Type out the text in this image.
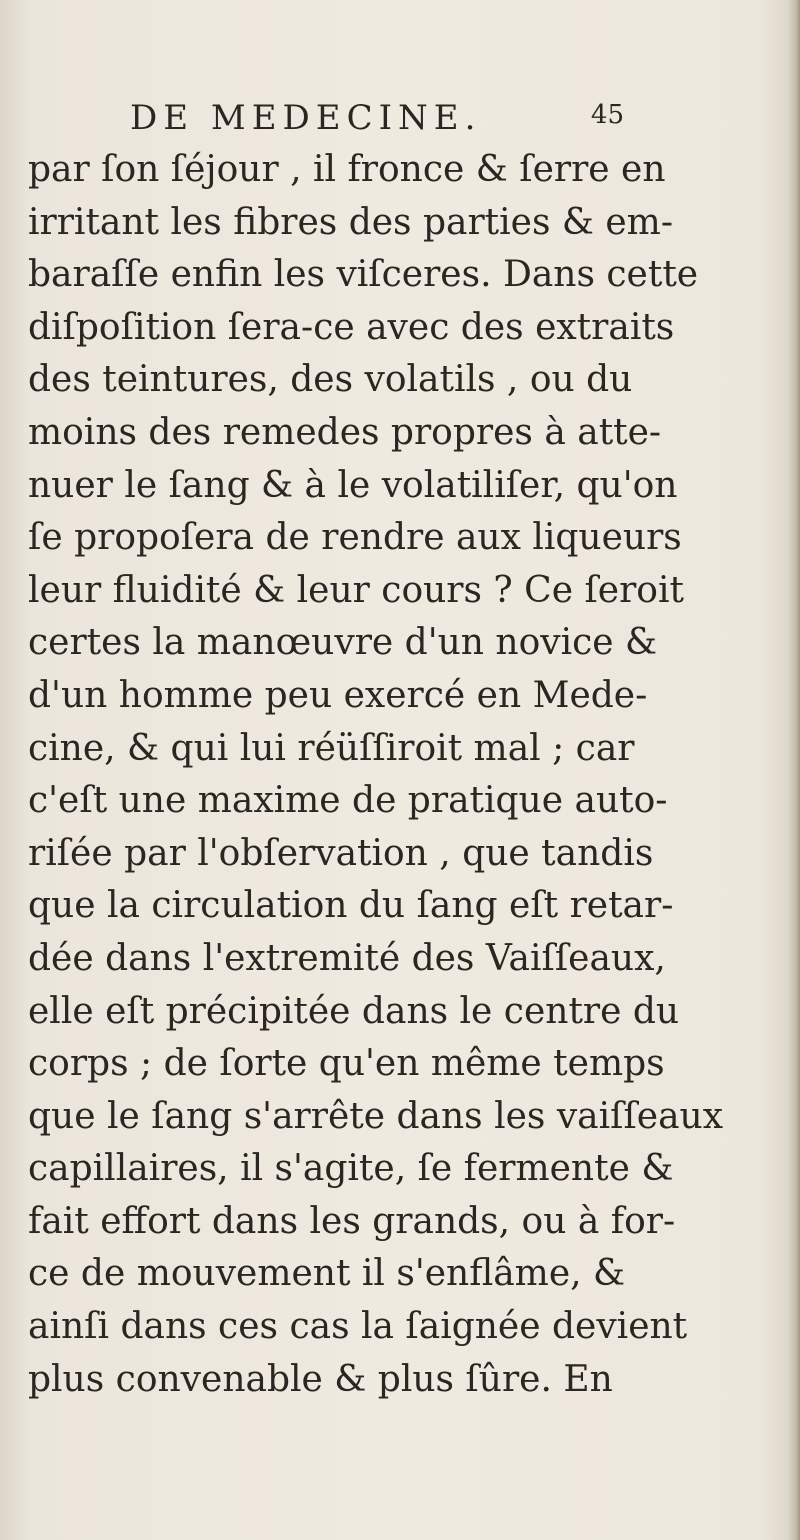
DE MEDECINE.	45
par ſon ſéjour , il fronce & ſerre en
irritant les fibres des parties & em-
baraſſe enfin les viſceres. Dans cette
diſpoſition ſera-ce avec des extraits
des teintures, des volatils , ou du
moins des remedes propres à atte-
nuer le ſang & à le volatiliſer, qu'on
ſe propoſera de rendre aux liqueurs
leur fluidité & leur cours ? Ce ſeroit
certes la manœuvre d'un novice &
d'un homme peu exercé en Mede-
cine, & qui lui réüſſiroit mal ; car
c'eſt une maxime de pratique auto-
riſée par l'obſervation , que tandis
que la circulation du ſang eſt retar-
dée dans l'extremité des Vaiſſeaux,
elle eſt précipitée dans le centre du
corps ; de ſorte qu'en même temps
que le ſang s'arrête dans les vaiſſeaux
capillaires, il s'agite, ſe fermente &
fait effort dans les grands, ou à for-
ce de mouvement il s'enflâme, &
ainſi dans ces cas la ſaignée devient
plus convenable & plus ſûre. En
